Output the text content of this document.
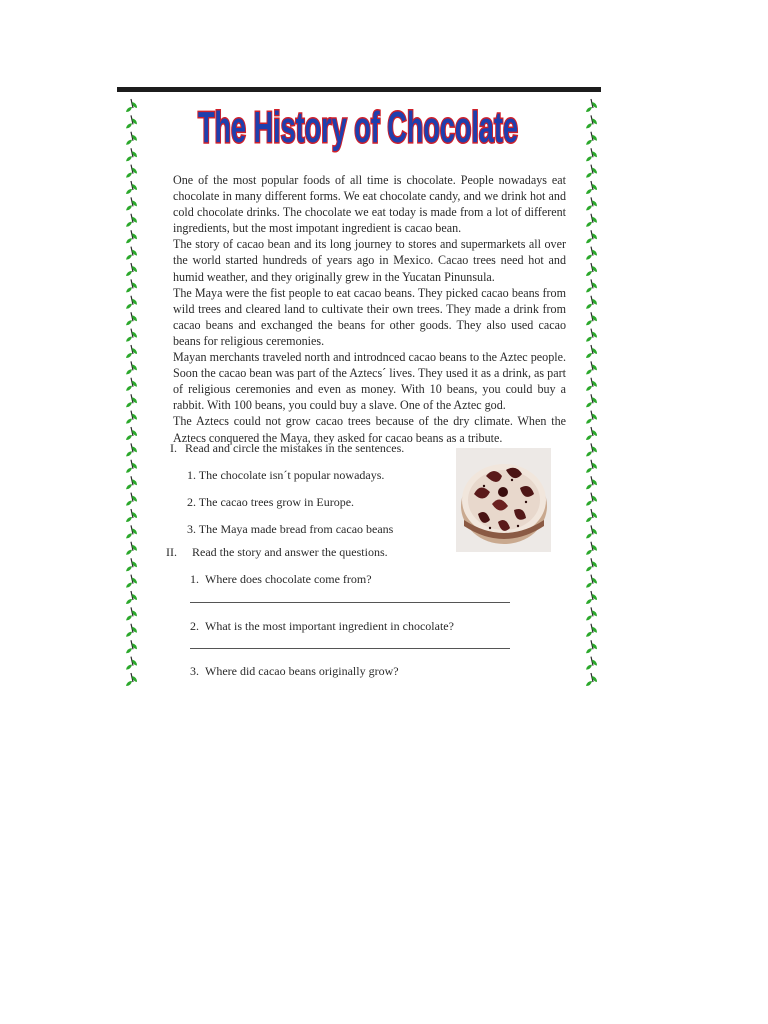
The History of Chocolate

One of the most popular foods of all time is chocolate. People nowadays eat chocolate in many different forms. We eat chocolate candy, and we drink hot and cold chocolate drinks. The chocolate we eat today is made from a lot of different ingredients, but the most impotant ingredient is cacao bean.

The story of cacao bean and its long journey to stores and supermarkets all over the world started hundreds of years ago in Mexico. Cacao trees need hot and humid weather, and they originally grew in the Yucatan Pinunsula.

The Maya were the fist people to eat cacao beans. They picked cacao beans from wild trees and cleared land to cultivate their own trees. They made a drink from cacao beans and exchanged the beans for other goods. They also used cacao beans for religious ceremonies.

Mayan merchants traveled north and introdnced cacao beans to the Aztec people. Soon the cacao bean was part of the Aztecs´ lives. They used it as a drink, as part of religious ceremonies and even as money. With 10 beans, you could buy a rabbit. With 100 beans, you could buy a slave. One of the Aztec god.

The Aztecs could not grow cacao trees because of the dry climate. When the Aztecs conquered the Maya, they asked for cacao beans as a tribute.

I. Read and circle the mistakes in the sentences.
1. The chocolate isn´t popular nowadays.
2. The cacao trees grow in Europe.
3. The Maya made bread from cacao beans
II. Read the story and answer the questions.
1. Where does chocolate come from?
2. What is the most important ingredient in chocolate?
3. Where did cacao beans originally grow?
